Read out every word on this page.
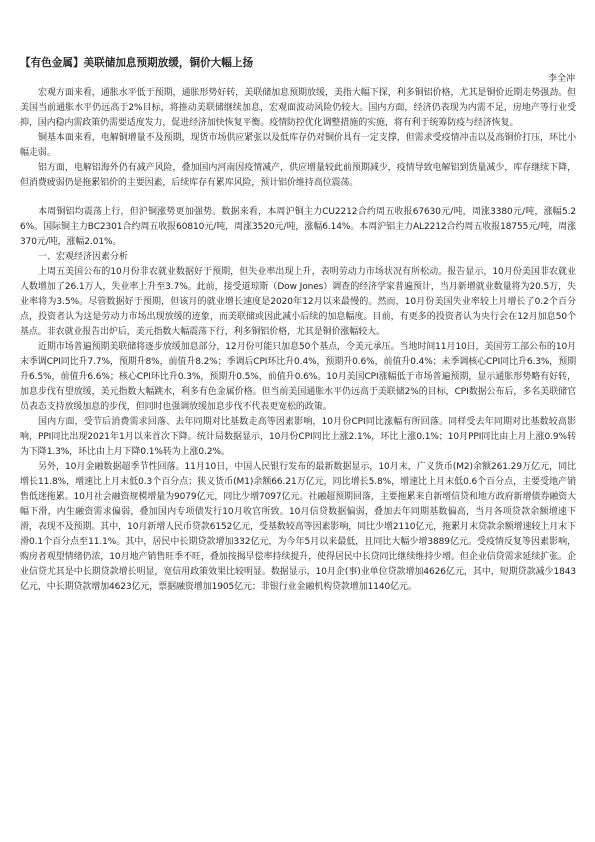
【有色金属】美联储加息预期放缓，铜价大幅上扬
李全冲

宏观方面来看，通胀水平低于预期，通胀形势好转，美联储加息预期放缓，美指大幅下探，利多铜铝价格，尤其是铜价近期走势强劲。但美国当前通胀水平仍远高于2%目标，将推动美联储继续加息，宏观面波动风险仍较大。国内方面，经济仍表现为内需不足，房地产等行业受抑，国内稳内需政策仍需要适度发力，促进经济加快恢复平衡。疫情防控优化调整措施的实施，将有利于统筹防疫与经济恢复。

铜基本面来看，电解铜增量不及预期，现货市场供应紧张以及低库存仍对铜价具有一定支撑，但需求受疫情冲击以及高铜价打压，环比小幅走弱。

铝方面，电解铝海外仍有减产风险，叠加国内河南因疫情减产，供应增量较此前预期减少，疫情导致电解铝到货量减少，库存继续下降，但消费疲弱仍是拖累铝价的主要因素，后续库存有累库风险，预计铝价维持高位震荡。

本周铜铝均震荡上行，但沪铜涨势更加强势。数据来看，本周沪铜主力CU2212合约周五收报67630元/吨，周涨3380元/吨，涨幅5.26%。国际铜主力BC2301合约周五收报60810元/吨，周涨3520元/吨，涨幅6.14%。本周沪铝主力AL2212合约周五收报18755元/吨，周涨370元/吨，涨幅2.01%。

一、宏观经济因素分析

上周五美国公布的10月份非农就业数据好于预期，但失业率出现上升，表明劳动力市场状况有所松动。报告显示，10月份美国非农就业人数增加了26.1万人，失业率上升至3.7%。此前，接受道琼斯（Dow Jones）调查的经济学家普遍预计，当月新增就业数量将为20.5万，失业率将为3.5%。尽管数据好于预期，但该月的就业增长速度是2020年12月以来最慢的。然而，10月份美国失业率较上月增长了0.2个百分点，投资者认为这是劳动力市场出现放缓的迹象，而美联储或因此减小后续的加息幅度。目前，有更多的投资者认为央行会在12月加息50个基点。非农就业报告出炉后，美元指数大幅震荡下行，利多铜铝价格，尤其是铜价涨幅较大。

近期市场普遍预期美联储将逐步放缓加息部分，12月份可能只加息50个基点，令美元承压。当地时间11月10日，美国劳工部公布的10月末季调CPI同比升7.7%，预期升8%，前值升8.2%；季调后CPI环比升0.4%，预期升0.6%，前值升0.4%；未季调核心CPI同比升6.3%，预期升6.5%，前值升6.6%；核心CPI环比升0.3%，预期升0.5%，前值升0.6%。10月美国CPI涨幅低于市场普遍预期，显示通胀形势略有好转，加息步伐有望放缓，美元指数大幅跳水，利多有色金属价格。但当前美国通胀水平仍远高于美联储2%的目标，CPI数据公布后，多名美联储官员表态支持放缓加息的步伐，但同时也强调放缓加息步伐不代表更宽松的政策。

国内方面，受节后消费需求回落、去年同期对比基数走高等因素影响，10月份CPI同比涨幅有所回落。同样受去年同期对比基数较高影响，PPI同比出现2021年1月以来首次下降。统计局数据显示，10月份CPI同比上涨2.1%，环比上涨0.1%；10月PPI同比由上月上涨0.9%转为下降1.3%，环比由上月下降0.1%转为上涨0.2%。

另外，10月金融数据超季节性回落。11月10日，中国人民银行发布的最新数据显示，10月末，广义货币(M2)余额261.29万亿元，同比增长11.8%，增速比上月末低0.3个百分点；狭义货币(M1)余额66.21万亿元，同比增长5.8%，增速比上月末低0.6个百分点，主要受地产销售低迷拖累。10月社会融资规模增量为9079亿元，同比少增7097亿元。社融超预期回落，主要拖累来自新增信贷和地方政府新增债券融资大幅下滑，内生融资需求偏弱，叠加国内专项债发行10月收官所致。10月信贷数据偏弱，叠加去年同期基数偏高，当月各项贷款余额增速下滑，表现不及预期。其中，10月新增人民币贷款6152亿元，受基数较高等因素影响，同比少增2110亿元，拖累月末贷款余额增速较上月末下滑0.1个百分点至11.1%。其中，居民中长期贷款增加332亿元，为今年5月以来最低，且同比大幅少增3889亿元。受疫情反复等因素影响，购房者观望情绪仍浓，10月地产销售旺季不旺，叠加按揭早偿率持续提升，使得居民中长贷同比继续维持少增。但企业信贷需求延续扩张。企业信贷尤其是中长期贷款增长明显，宽信用政策效果比较明显。数据显示，10月企(事)业单位贷款增加4626亿元，其中，短期贷款减少1843亿元，中长期贷款增加4623亿元，票据融资增加1905亿元；非银行业金融机构贷款增加1140亿元。
